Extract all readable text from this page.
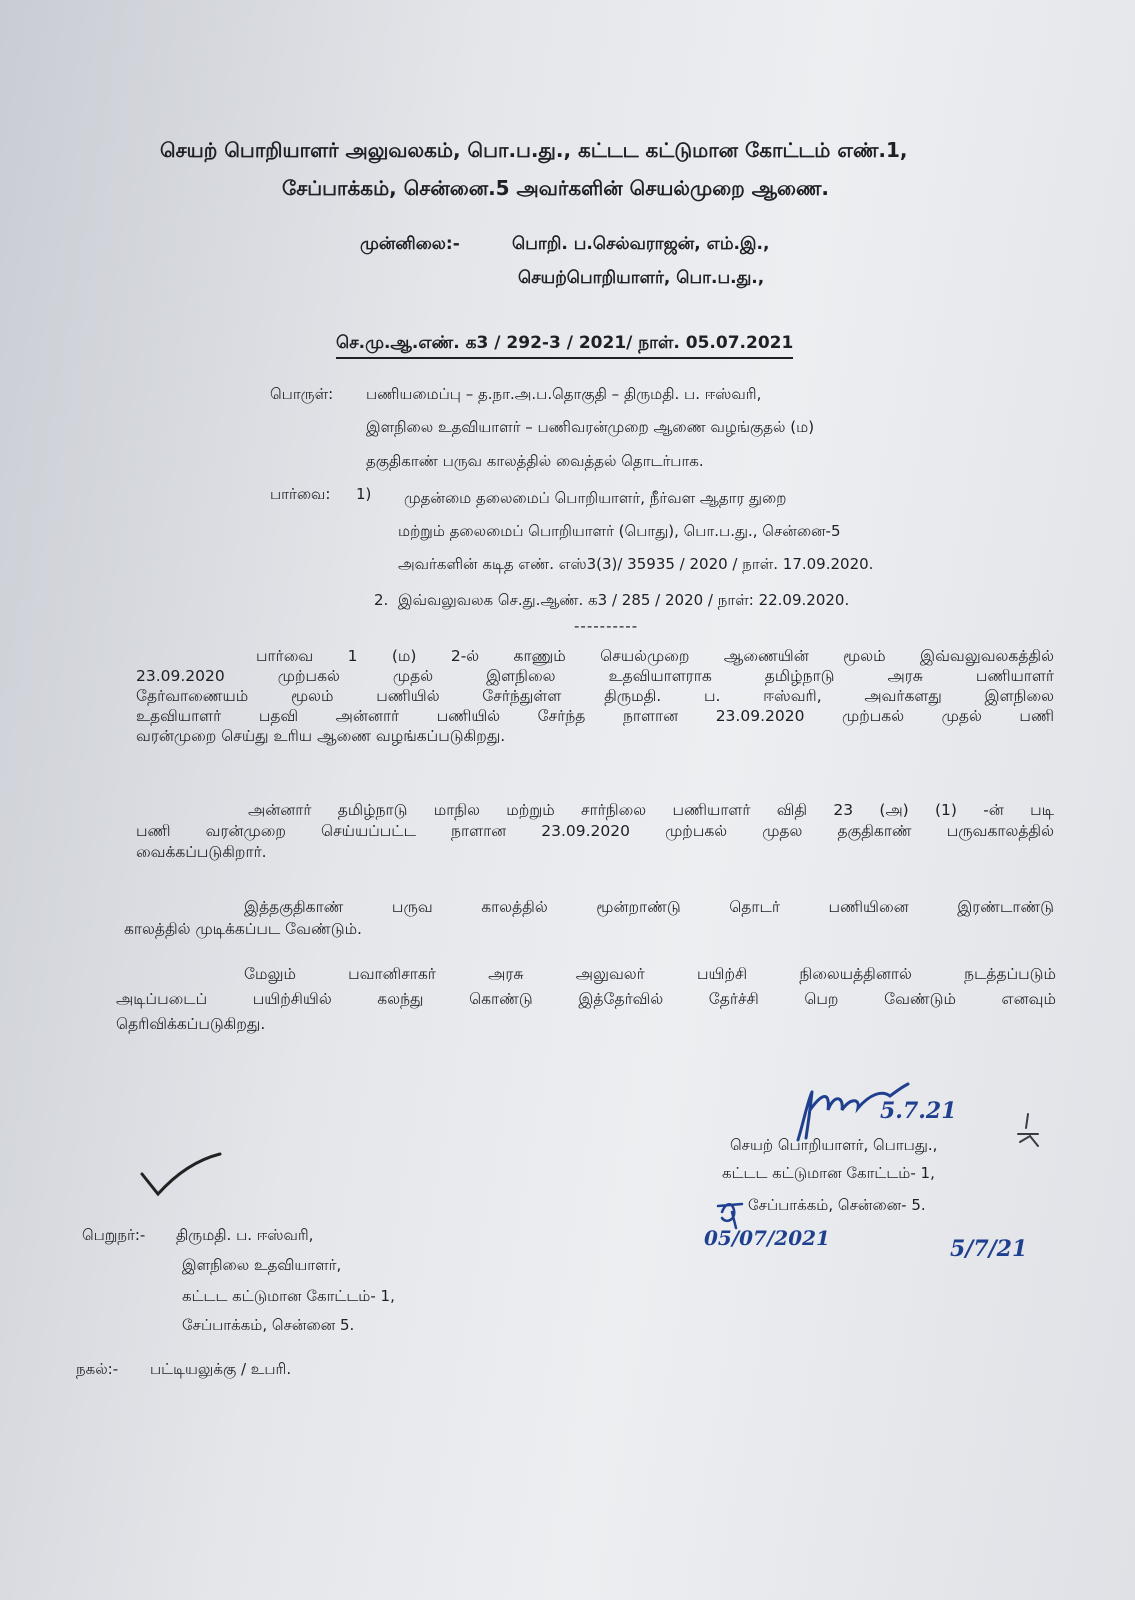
செயற் பொறியாளர் அலுவலகம், பொ.ப.து., கட்டட கட்டுமான கோட்டம் எண்.1,
சேப்பாக்கம், சென்னை.5 அவர்களின் செயல்முறை ஆணை.
முன்னிலை:-	பொறி. ப.செல்வராஜன், எம்.இ.,
செயற்பொறியாளர், பொ.ப.து.,
செ.மு.ஆ.எண். க3 / 292-3 / 2021/ நாள். 05.07.2021
பொருள்: பணியமைப்பு – த.நா.அ.ப.தொகுதி – திருமதி. ப. ஈஸ்வரி,
இளநிலை உதவியாளர் – பணிவரன்முறை ஆணை வழங்குதல் (ம)
தகுதிகாண் பருவ காலத்தில் வைத்தல் தொடர்பாக.
பார்வை: 1) முதன்மை தலைமைப் பொறியாளர், நீர்வள ஆதார துறை
மற்றும் தலைமைப் பொறியாளர் (பொது), பொ.ப.து., சென்னை-5
அவர்களின் கடித எண். எஸ்3(3)/ 35935 / 2020 / நாள். 17.09.2020.
2. இவ்வலுவலக செ.து.ஆண். க3 / 285 / 2020 / நாள்: 22.09.2020.
----------
பார்வை 1 (ம) 2-ல் காணும் செயல்முறை ஆணையின் மூலம் இவ்வலுவலகத்தில்
23.09.2020 முற்பகல் முதல் இளநிலை உதவியாளராக தமிழ்நாடு அரசு பணியாளர்
தேர்வாணையம் மூலம் பணியில் சேர்ந்துள்ள திருமதி. ப. ஈஸ்வரி, அவர்களது இளநிலை
உதவியாளர் பதவி அன்னார் பணியில் சேர்ந்த நாளான 23.09.2020 முற்பகல் முதல் பணி
வரன்முறை செய்து உரிய ஆணை வழங்கப்படுகிறது.
அன்னார் தமிழ்நாடு மாநில மற்றும் சார்நிலை பணியாளர் விதி 23 (அ) (1) -ன் படி
பணி வரன்முறை செய்யப்பட்ட நாளான 23.09.2020 முற்பகல் முதல தகுதிகாண் பருவகாலத்தில்
வைக்கப்படுகிறார்.
இத்தகுதிகாண் பருவ காலத்தில் மூன்றாண்டு தொடர் பணியினை இரண்டாண்டு
காலத்தில் முடிக்கப்பட வேண்டும்.
மேலும் பவானிசாகர் அரசு அலுவலர் பயிற்சி நிலையத்தினால் நடத்தப்படும்
அடிப்படைப் பயிற்சியில் கலந்து கொண்டு இத்தேர்வில் தேர்ச்சி பெற வேண்டும் எனவும்
தெரிவிக்கப்படுகிறது.
5.7.21
செயற் பொறியாளர், பொபது.,
கட்டட கட்டுமான கோட்டம்- 1,
சேப்பாக்கம், சென்னை- 5.
05/07/2021	5/7/21
பெறுநர்:- திருமதி. ப. ஈஸ்வரி,
இளநிலை உதவியாளர்,
கட்டட கட்டுமான கோட்டம்- 1,
சேப்பாக்கம், சென்னை 5.
நகல்:- பட்டியலுக்கு / உபரி.
